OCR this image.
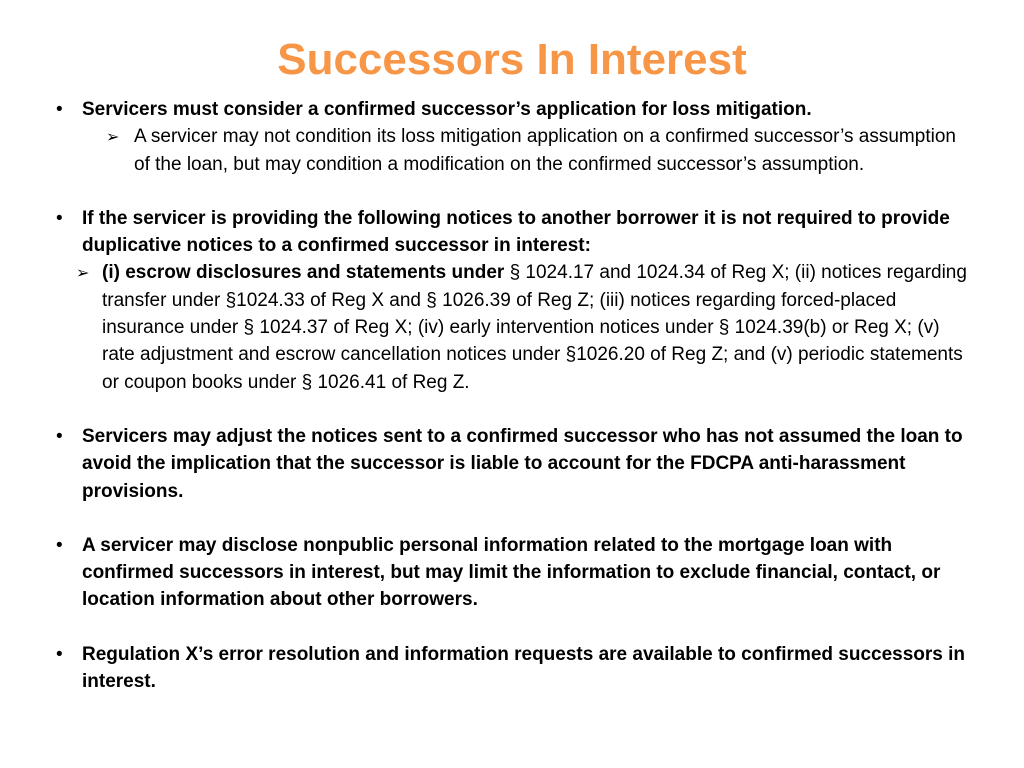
Successors In Interest
• Servicers must consider a confirmed successor’s application for loss mitigation.
➢ A servicer may not condition its loss mitigation application on a confirmed successor’s assumption of the loan, but may condition a modification on the confirmed successor’s assumption.
• If the servicer is providing the following notices to another borrower it is not required to provide duplicative notices to a confirmed successor in interest:
➢ (i) escrow disclosures and statements under § 1024.17 and 1024.34 of Reg X; (ii) notices regarding transfer under §1024.33 of Reg X and § 1026.39 of Reg Z; (iii) notices regarding forced-placed insurance under § 1024.37 of Reg X; (iv) early intervention notices under § 1024.39(b) or Reg X; (v) rate adjustment and escrow cancellation notices under §1026.20 of Reg Z; and (v) periodic statements or coupon books under § 1026.41 of Reg Z.
• Servicers may adjust the notices sent to a confirmed successor who has not assumed the loan to avoid the implication that the successor is liable to account for the FDCPA anti-harassment provisions.
• A servicer may disclose nonpublic personal information related to the mortgage loan with confirmed successors in interest, but may limit the information to exclude financial, contact, or location information about other borrowers.
• Regulation X’s error resolution and information requests are available to confirmed successors in interest.
